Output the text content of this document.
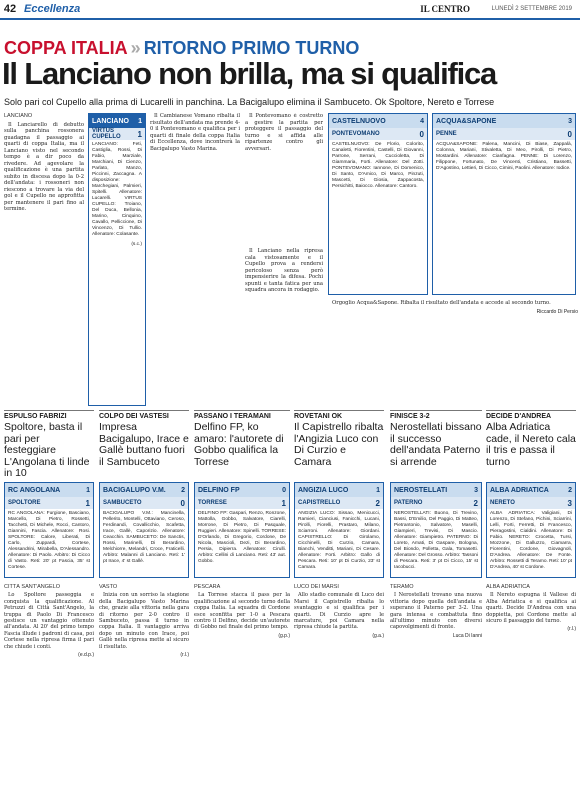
42 Eccellenza	IL CENTRO	LUNEDÌ 2 SETTEMBRE 2019
COPPA ITALIA » RITORNO PRIMO TURNO
Il Lanciano non brilla, ma si qualifica
Solo pari col Cupello alla prima di Lucarelli in panchina. La Bacigalupo elimina il Sambuceto. Ok Spoltore, Nereto e Torrese
LANCIANO

Il Lanciarello di debutto sulla panchina rossonera guadagna il passaggio ai quarti di coppa Italia, ma il Lanciano visto nel secondo tempo è a dir poco da rivedere. Ad agevolare la qualificazione è una partita subito in discesa dopo la 0-2 dell'andata: i rossoneri non riescono a trovare la via del gol e il Cupello ne approfitta per mantenere il pari fino al termine.

Il Lanciano nella ripresa cala vistosamente e il Cupello prova a rendersi pericoloso senza però impensierire la difesa. Pochi spunti e tanta fatica per una squadra ancora in rodaggio.

Il Cambianese Vomano ribalta il risultato dell'andata ma prende 4-0 il Pontevomano e qualifica per i quarti di finale della coppa Italia di Eccellenza, dove incontrerà la Bacigalupo Vasto Marina.

Il Pontevomano è costretto a gestire la partita per proteggere il passaggio del turno e si affida alle ripartenze contro gli avversari.

Orgoglio Acqua&Sapone. Ribalta il risultato dell'andata e accede al secondo turno.

Riccardo Di Persio
LANCIANO 1
VIRTUS CUPELLO	1
LANCIANO: Feti, Castiglia, Rossi, Di Fabio, Marziale, Marchiani, Di Cienzo, Parlato, Manzo, Piccinni, Zaccagna. A disposizione: Marchegiani, Palmieri, Spitelli. Allenatore: Lucarelli. VIRTUS CUPELLO: Troiano, Del Duca, Bellonia, Marino, Cinquino, Cavallo, Pelliccione, Di Vincenzo, Di Tullio. Allenatore: Colasante.
(s.c.)
CASTELNUOVO	4
PONTEVOMANO	0
CASTELNUOVO: De Florio, Colorito, Canaletti, Fiorentini, Castelli, Di Giovanni, Parrone, Serrani, Cuccioletta, Di Giammaria, Forti. Allenatore: Del Zotti. PONTEVOMANO: Iannone, Di Domenico, Di Santo, D'Amico, Di Marco, Pinzuti, Mascetti, Di Giosia, Zappacosta, Persichitti, Baiocco. Allenatore: Cantoro.
ACQUA&SAPONE	3
PENNE	0
ACQUA&SAPONE: Palena, Mancini, Di Biase, Zappalà, Colonna, Mariani, Stivaletta, Di Meo, Pirolli, Di Pietro, Mostardini. Allenatore: Cianfagna. PENNE: Di Lorenzo, Filippone, Fortunato, De Vincenti, Cristiano, Bassetti, D'Agostino, Lettieri, Di Cicco, Cimini, Paolini. Allenatore: Iodice.
ESPULSO FABRIZI
Spoltore, basta il pari per festeggiare L'Angolana ti linde in 10
COLPO DEI VASTESI
Impresa Bacigalupo, Irace e Gallè buttano fuori il Sambuceto
PASSANO I TERAMANI
Delfino FP, ko amaro: l'autorete di Gobbo qualifica la Torrese
ROVETANI OK
Il Capistrello ribalta l'Angizia Luco con Di Curzio e Camara
FINISCE 3-2
Nerostellati bissano il successo dell'andata Paterno si arrende
DECIDE D'ANDREA
Alba Adriatica cade, il Nereto cala il tris e passa il turno
RC ANGOLANA	1
SPOLTORE	1
RC ANGOLANA: Furgione, Basciano, Marcello, Di Pietro, Rossetti, Tacchetti, Di Michele, Rocci, Cantoro, Giannini, Fascia. Allenatore: Rosi. SPOLTORE: Calore, Liberati, Di Carlo, Zuppardi, Cortese, Alessandrini, Mirabella, D'Alessandro. Allenatore: Di Paolo. Arbitro: Di Cicco di Vasto. Reti: 20' pt Fascia, 35' st Cortese.
BACIGALUPO V.M. 2
SAMBUCETO	0
BACIGALUPO V.M.: Mancinella, Pellerito, Montelli, Ottaviano, Ceroso, Ferdinandi, Covallicchio, Scafetta, Irace, Gallè, Caporizio. Allenatore: Ceacchin. SAMBUCETO: De Sanctis, Rossi, Marinelli, Di Berardino, Melchiorre, Melandri, Croce, Fraticelli. Arbitro: Malanni di Lanciano. Reti: 1' pt Irace, 4' st Gallè.
DELFINO FP	0
TORRESE	1
DELFINO FP: Gaspari, Renzo, Ronzone, Mattolla, Gobbo, Salvatore, Ciarelli, Morrone, Di Pietro, Di Pasquale, Ruggieri. Allenatore: Spinelli. TORRESE: D'Orlando, Di Gregorio, Cordone, De Nicola, Mascioli, Dezi, Di Berardino, Persia, Dipierra. Allenatore: Cirulli. Arbitro: Cellini di Lanciano. Reti: 43' aut. Gobbo.
ANGIZIA LUCO	1
CAPISTRELLO	2
ANGIZIA LUCO: Sissao, Menicucci, Ramieri, Cianciusi, Fanicchi, Lucani, Pirolli, Fiorelli, Prastaro, Milano, Sciarroni. Allenatore: Giordani. CAPISTRELLO: Di Girolamo, Cicchinelli, Di Curzio, Camara, Bianchi, Venditti, Mariani, Di Cesare. Allenatore: Forti. Arbitro: Gallo di Pescara. Reti: 10' pt Di Curzio, 23' st Camara.
NEROSTELLATI	3
PATERNO	2
NEROSTELLATI: Buono, Di Trevino, Bassi, D'Emilio, Del Paggio, Di Matteo, Pietrantonio, Salvatore, Maselli, Giampieri, Trevisi, Di Mascio. Allenatore: Giampietro. PATERNO: Di Loreto, Amati, Di Gaspare, Bologna, Del Biondo, Polletta, Gala, Tomasetti. Allenatore: Del Grosso. Arbitro: Tassoni di Pescara. Reti: 3' pt Di Cicco, 15' st Iacobucci.
ALBA ADRIATICA	2
NERETO	3
ALBA ADRIATICA: Valigiani, Di Lorenzo, Di Stefano, Pichini, Sciarrini, Lelli, Forti, Ferretti, Di Francesco, Pieragostini, Cialdini. Allenatore: Di Fabio. NERETO: Crocetta, Tursi, Mozzone, Di Galluzzo, Ciamarra, Fiorentini, Cordone, Giovagnoli, D'Andrea. Allenatore: De Fonte. Arbitro: Rossetti di Teramo. Reti: 10' pt D'Andrea, 40' st Cordone.
CITTÀ SANT'ANGELO

Lo Spoltore passeggia e conquista la qualificazione. Al Petruzzi di Città Sant'Angelo, la truppa di Paolo Di Francesco gestisce un vantaggio ottenuto all'andata. Al 20' del primo tempo Fascia illude i padroni di casa, poi Cortese nella ripresa firma il pari che chiude i conti.

(e.d.p.)
VASTO

Inizia con un sorriso la stagione della Bacigalupo Vasto Marina che, grazie alla vittoria nella gara di ritorno per 2-0 contro il Sambuceto, passa il turno in coppa Italia. Il vantaggio arriva dopo un minuto con Irace, poi Gallè nella ripresa mette al sicuro il risultato.

(r.l.)
PESCARA

La Torrese stacca il pass per la qualificazione al secondo turno della coppa Italia. La squadra di Cordone esce sconfitta per 1-0 a Pescara contro il Delfino, decide un'autorete di Gobbo nel finale del primo tempo.

(g.p.)
LUCO DEI MARSI

Allo stadio comunale di Luco dei Marsi il Capistrello ribalta lo svantaggio e si qualifica per i quarti. Di Curzio apre le marcature, poi Camara nella ripresa chiude la partita.

(g.a.)
TERAMO

I Nerostellati trovano una nuova vittoria dopo quella dell'andata e superano il Paterno per 3-2. Una gara intensa e combattuta fino all'ultimo minuto con diversi capovolgimenti di fronte.

Luca Di Ianni
ALBA ADRIATICA

Il Nereto espugna il Vallese di Alba Adriatica e si qualifica ai quarti. Decide D'Andrea con una doppietta, poi Cordone mette al sicuro il passaggio del turno.

(r.l.)
